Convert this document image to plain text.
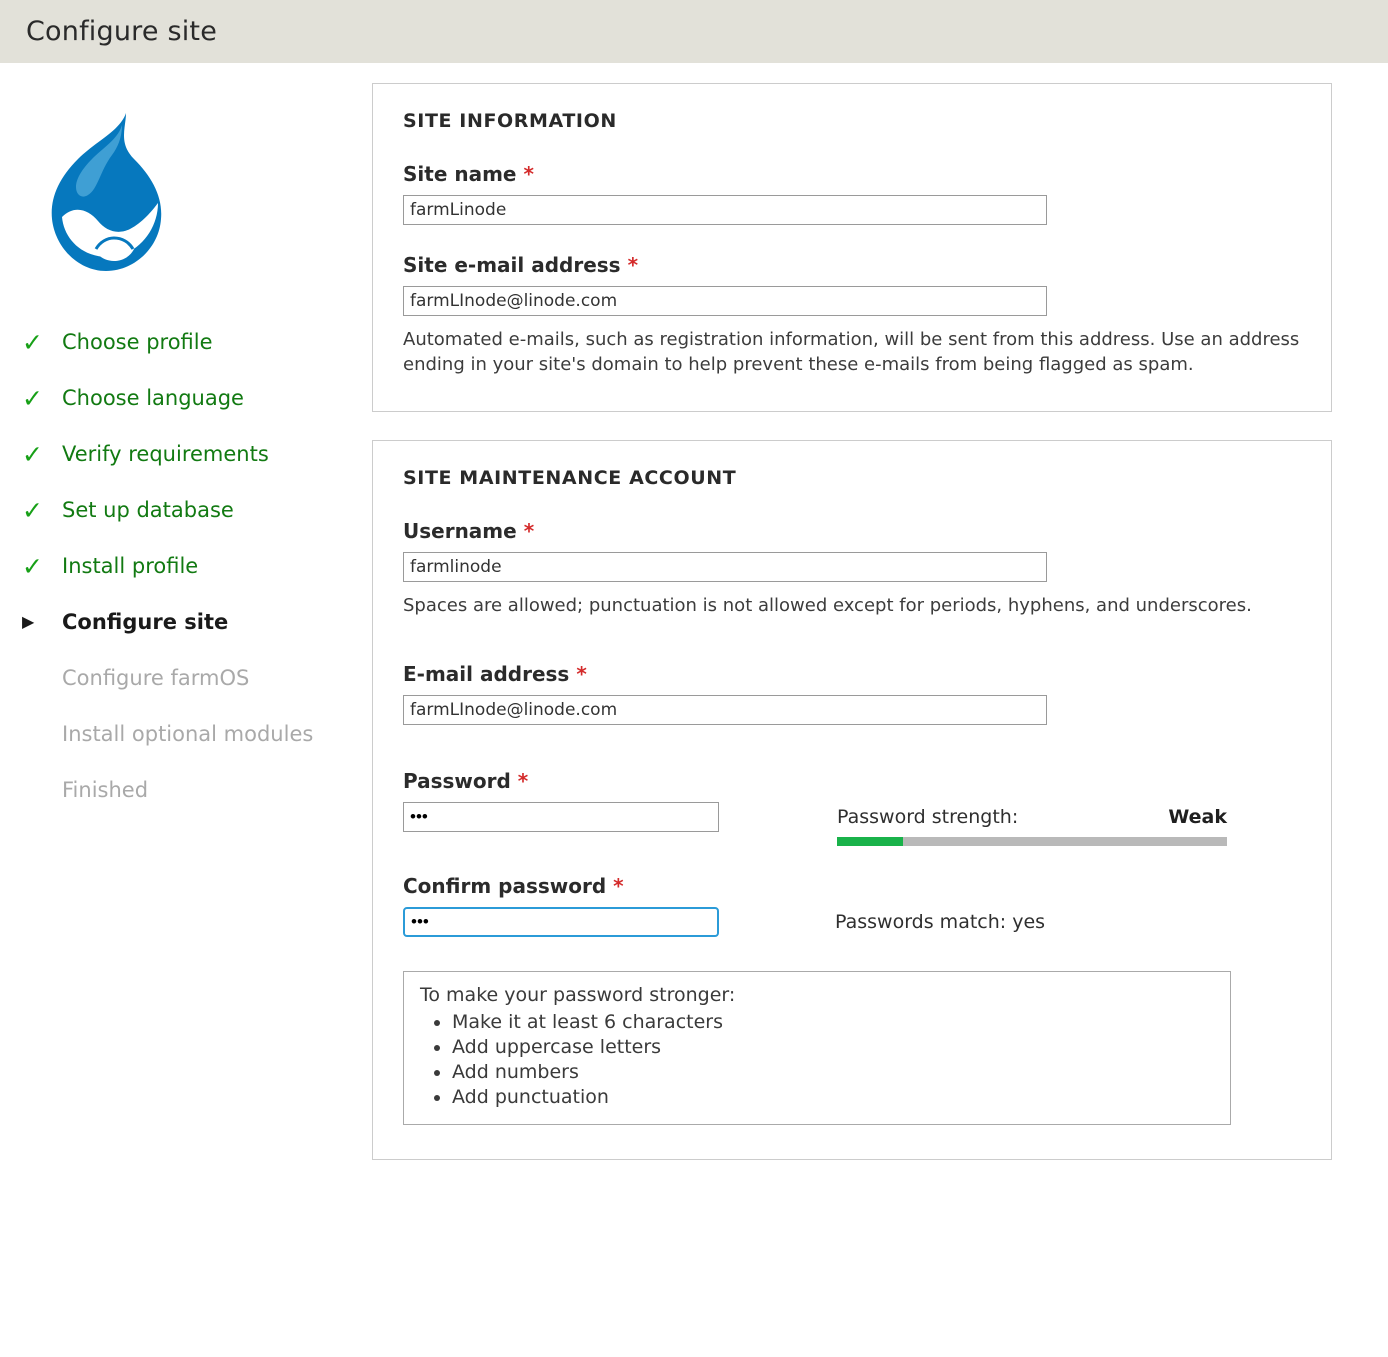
Configure site
✓ Choose profile
✓ Choose language
✓ Verify requirements
✓ Set up database
✓ Install profile
▶	Configure site
Configure farmOS
Install optional modules
Finished
SITE INFORMATION
Site name *
farmLinode
Site e-mail address *
farmLInode@linode.com
Automated e-mails, such as registration information, will be sent from this address. Use an address ending in your site's domain to help prevent these e-mails from being flagged as spam.
SITE MAINTENANCE ACCOUNT
Username *
farmlinode
Spaces are allowed; punctuation is not allowed except for periods, hyphens, and underscores.
E-mail address *
farmLInode@linode.com
Password *
Password strength:	Weak
Confirm password *
Passwords match: yes
To make your password stronger:
• Make it at least 6 characters
• Add uppercase letters
• Add numbers
• Add punctuation
